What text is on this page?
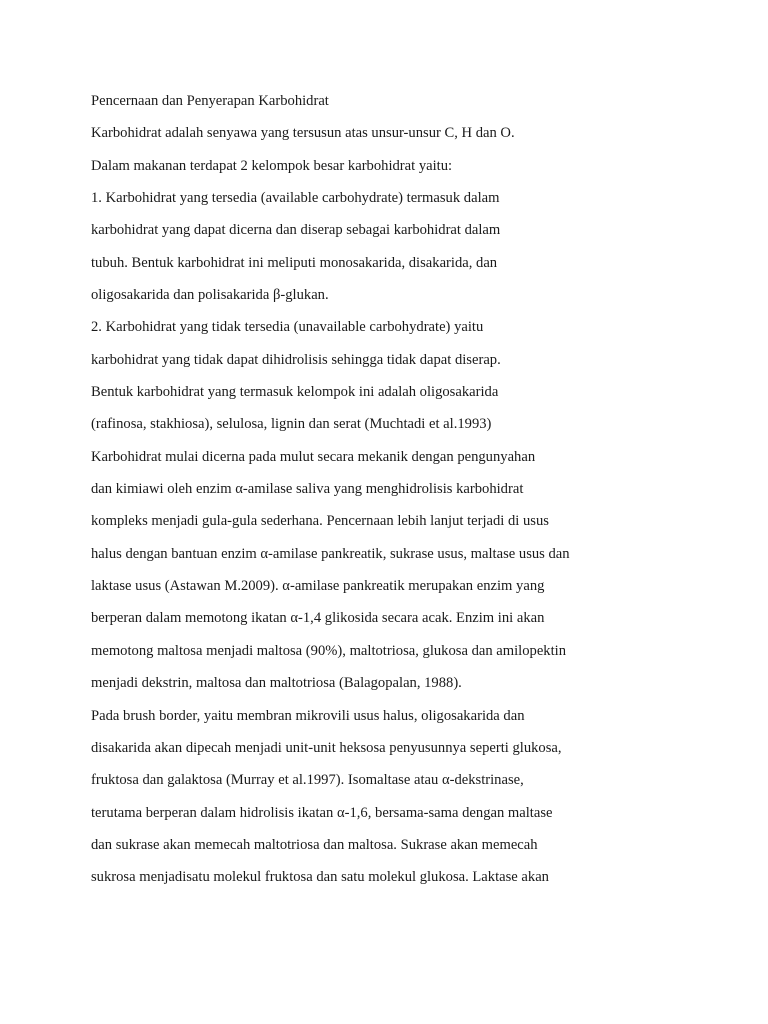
Pencernaan dan Penyerapan Karbohidrat
Karbohidrat adalah senyawa yang tersusun atas unsur-unsur C, H dan O.
Dalam makanan terdapat 2 kelompok besar karbohidrat yaitu:
1. Karbohidrat yang tersedia (available carbohydrate) termasuk dalam
karbohidrat yang dapat dicerna dan diserap sebagai karbohidrat dalam
tubuh. Bentuk karbohidrat ini meliputi monosakarida, disakarida, dan
oligosakarida dan polisakarida β-glukan.
2. Karbohidrat yang tidak tersedia (unavailable carbohydrate) yaitu
karbohidrat yang tidak dapat dihidrolisis sehingga tidak dapat diserap.
Bentuk karbohidrat yang termasuk kelompok ini adalah oligosakarida
(rafinosa, stakhiosa), selulosa, lignin dan serat (Muchtadi et al.1993)
Karbohidrat mulai dicerna pada mulut secara mekanik dengan pengunyahan
dan kimiawi oleh enzim α-amilase saliva yang menghidrolisis karbohidrat
kompleks menjadi gula-gula sederhana. Pencernaan lebih lanjut terjadi di usus
halus dengan bantuan enzim α-amilase pankreatik, sukrase usus, maltase usus dan
laktase usus (Astawan M.2009). α-amilase pankreatik merupakan enzim yang
berperan dalam memotong ikatan α-1,4 glikosida secara acak. Enzim ini akan
memotong maltosa menjadi maltosa (90%), maltotriosa, glukosa dan amilopektin
menjadi dekstrin, maltosa dan maltotriosa (Balagopalan, 1988).
Pada brush border, yaitu membran mikrovili usus halus, oligosakarida dan
disakarida akan dipecah menjadi unit-unit heksosa penyusunnya seperti glukosa,
fruktosa dan galaktosa (Murray et al.1997). Isomaltase atau α-dekstrinase,
terutama berperan dalam hidrolisis ikatan α-1,6, bersama-sama dengan maltase
dan sukrase akan memecah maltotriosa dan maltosa. Sukrase akan memecah
sukrosa menjadisatu molekul fruktosa dan satu molekul glukosa. Laktase akan
